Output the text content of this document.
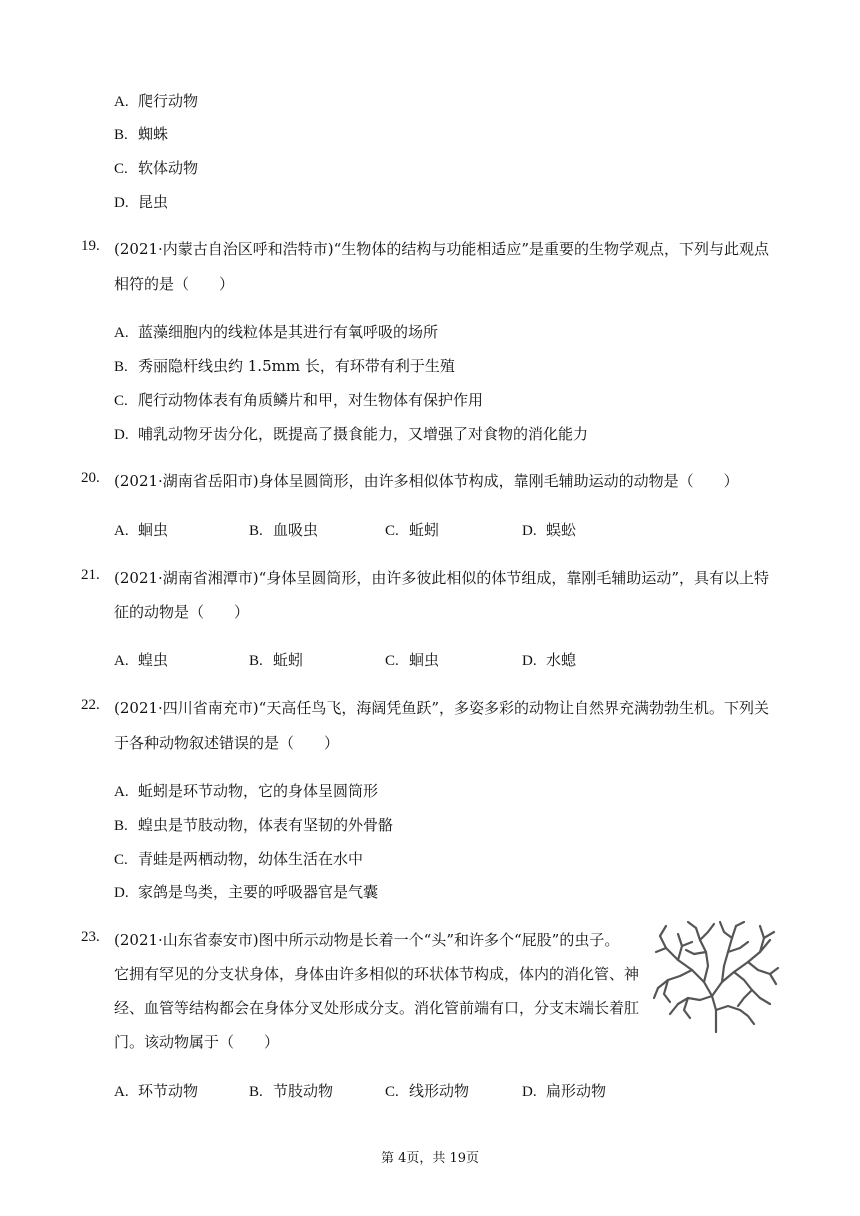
A. 爬行动物
B. 蜘蛛
C. 软体动物
D. 昆虫
19. (2021·内蒙古自治区呼和浩特市)“生物体的结构与功能相适应”是重要的生物学观点，下列与此观点
相符的是（　　）
A. 蓝藻细胞内的线粒体是其进行有氧呼吸的场所
B. 秀丽隐杆线虫约 1.5mm 长，有环带有利于生殖
C. 爬行动物体表有角质鳞片和甲，对生物体有保护作用
D. 哺乳动物牙齿分化，既提高了摄食能力，又增强了对食物的消化能力
20. (2021·湖南省岳阳市)身体呈圆筒形，由许多相似体节构成，靠刚毛辅助运动的动物是（　　）
A. 蛔虫	B. 血吸虫	C. 蚯蚓	D. 蜈蚣
21. (2021·湖南省湘潭市)“身体呈圆筒形，由许多彼此相似的体节组成，靠刚毛辅助运动”，具有以上特
征的动物是（　　）
A. 蝗虫	B. 蚯蚓	C. 蛔虫	D. 水螅
22. (2021·四川省南充市)“天高任鸟飞，海阔凭鱼跃”，多姿多彩的动物让自然界充满勃勃生机。下列关
于各种动物叙述错误的是（　　）
A. 蚯蚓是环节动物，它的身体呈圆筒形
B. 蝗虫是节肢动物，体表有坚韧的外骨骼
C. 青蛙是两栖动物，幼体生活在水中
D. 家鸽是鸟类，主要的呼吸器官是气囊
23. (2021·山东省泰安市)图中所示动物是长着一个“头”和许多个“屁股”的虫子。
它拥有罕见的分支状身体，身体由许多相似的环状体节构成，体内的消化管、神
经、血管等结构都会在身体分叉处形成分支。消化管前端有口，分支末端长着肛
门。该动物属于（　　）
A. 环节动物	B. 节肢动物	C. 线形动物	D. 扁形动物
第 4页，共 19页
